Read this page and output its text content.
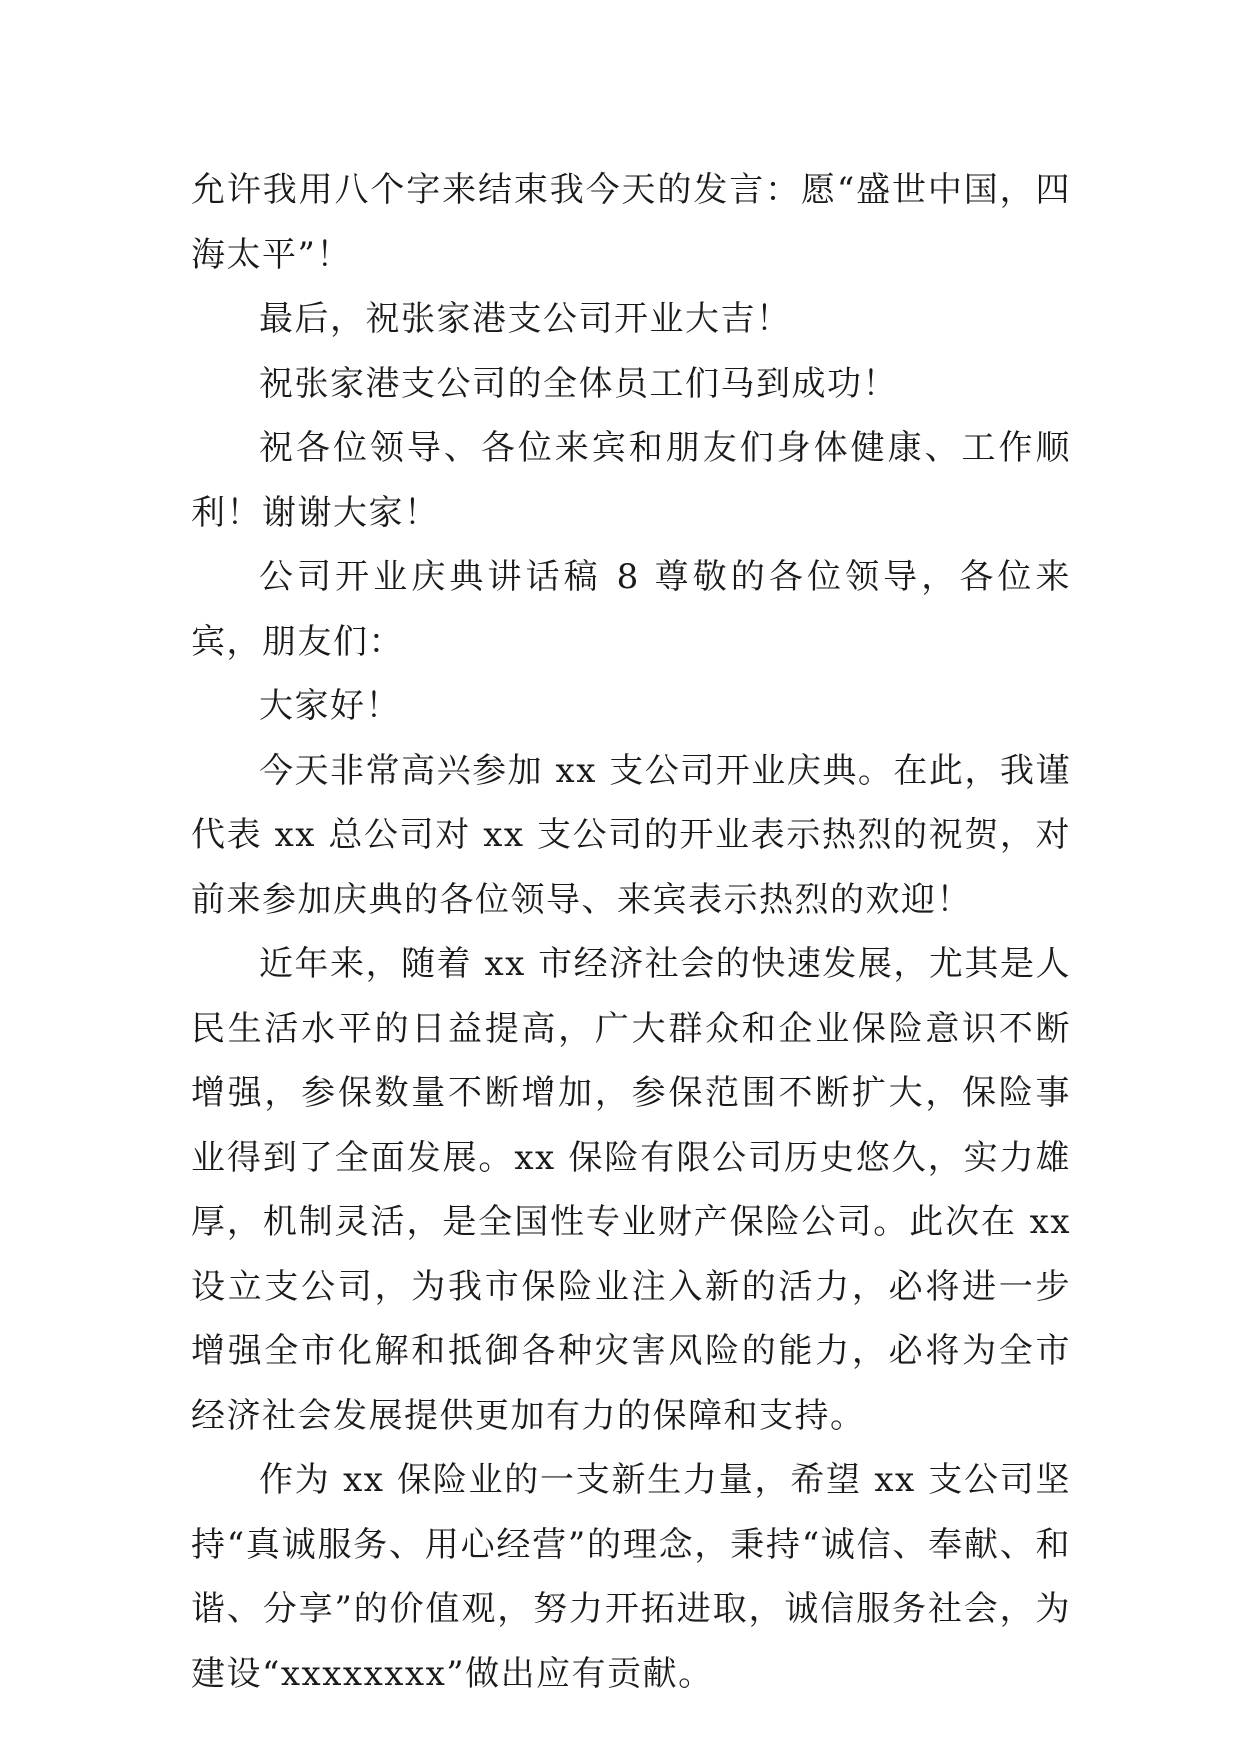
允许我用八个字来结束我今天的发言：愿“盛世中国，四海太平”！

最后，祝张家港支公司开业大吉！

祝张家港支公司的全体员工们马到成功！

祝各位领导、各位来宾和朋友们身体健康、工作顺利！谢谢大家！

公司开业庆典讲话稿 8 尊敬的各位领导，各位来宾，朋友们：

大家好！

今天非常高兴参加 xx 支公司开业庆典。在此，我谨代表 xx 总公司对 xx 支公司的开业表示热烈的祝贺，对前来参加庆典的各位领导、来宾表示热烈的欢迎！

近年来，随着 xx 市经济社会的快速发展，尤其是人民生活水平的日益提高，广大群众和企业保险意识不断增强，参保数量不断增加，参保范围不断扩大，保险事业得到了全面发展。xx 保险有限公司历史悠久，实力雄厚，机制灵活，是全国性专业财产保险公司。此次在 xx 设立支公司，为我市保险业注入新的活力，必将进一步增强全市化解和抵御各种灾害风险的能力，必将为全市经济社会发展提供更加有力的保障和支持。

作为 xx 保险业的一支新生力量，希望 xx 支公司坚持“真诚服务、用心经营”的理念，秉持“诚信、奉献、和谐、分享”的价值观，努力开拓进取，诚信服务社会，为建设“xxxxxxxx”做出应有贡献。
